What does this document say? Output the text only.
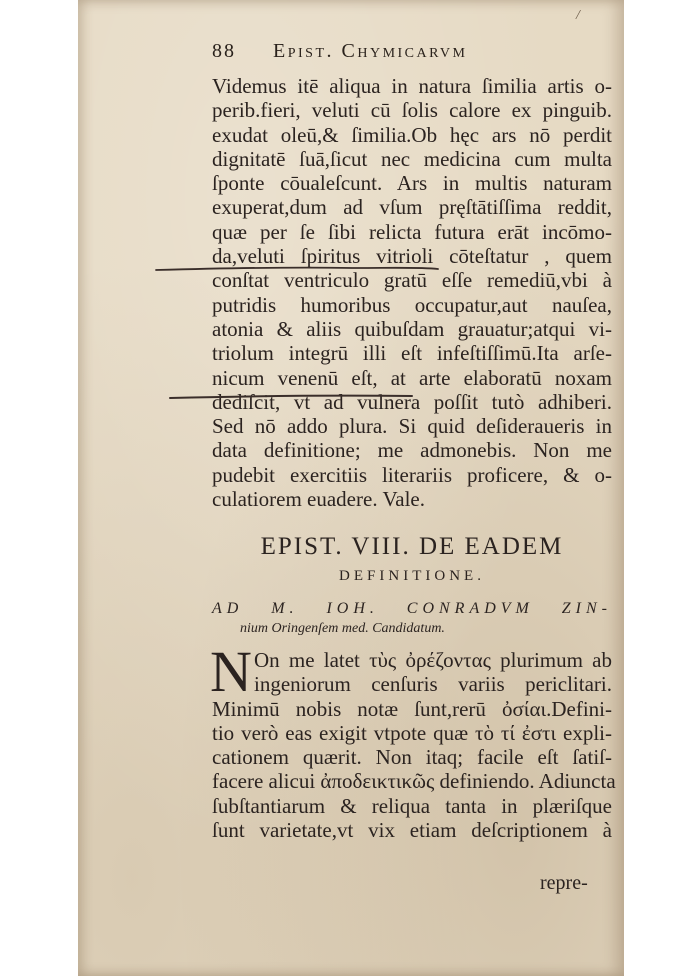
/
88 Epist. Chymicarvm
Videmus itē aliqua in natura ſimilia artis o-
perib.fieri, veluti cū ſolis calore ex pinguib.
exudat oleū,& ſimilia.Ob hęc ars nō perdit
dignitatē ſuā,ſicut nec medicina cum multa
ſponte cōualeſcunt. Ars in multis naturam
exuperat,dum ad vſum pręſtātiſſima reddit,
quæ per ſe ſibi relicta futura erāt incōmo-
da,veluti ſpiritus vitrioli cōteſtatur , quem
conſtat ventriculo gratū eſſe remediū,vbi à
putridis humoribus occupatur,aut nauſea,
atonia & aliis quibuſdam grauatur;atqui vi-
triolum integrū illi eſt infeſtiſſimū.Ita arſe-
nicum venenū eſt, at arte elaboratū noxam
dediſcit, vt ad vulnera poſſit tutò adhiberi.
Sed nō addo plura. Si quid deſideraueris in
data definitione; me admonebis. Non me
pudebit exercitiis literariis proficere, & o-
culatiorem euadere. Vale.
EPIST. VIII. DE EADEM
DEFINITIONE.
AD M. IOH. CONRADVM ZIN-
nium Oringenſem med. Candidatum.
N On me latet τὺς ὀρέζοντας plurimum ab
ingeniorum cenſuris variis periclitari.
Minimū nobis notæ ſunt,rerū ὀσίαι.Defini-
tio verò eas exigit vtpote quæ τὸ τί ἐστι expli-
cationem quærit. Non itaq; facile eſt ſatiſ-
facere alicui ἀποδεικτικῶς definiendo. Adiuncta
ſubſtantiarum & reliqua tanta in plæriſque
ſunt varietate,vt vix etiam deſcriptionem à
repre-
